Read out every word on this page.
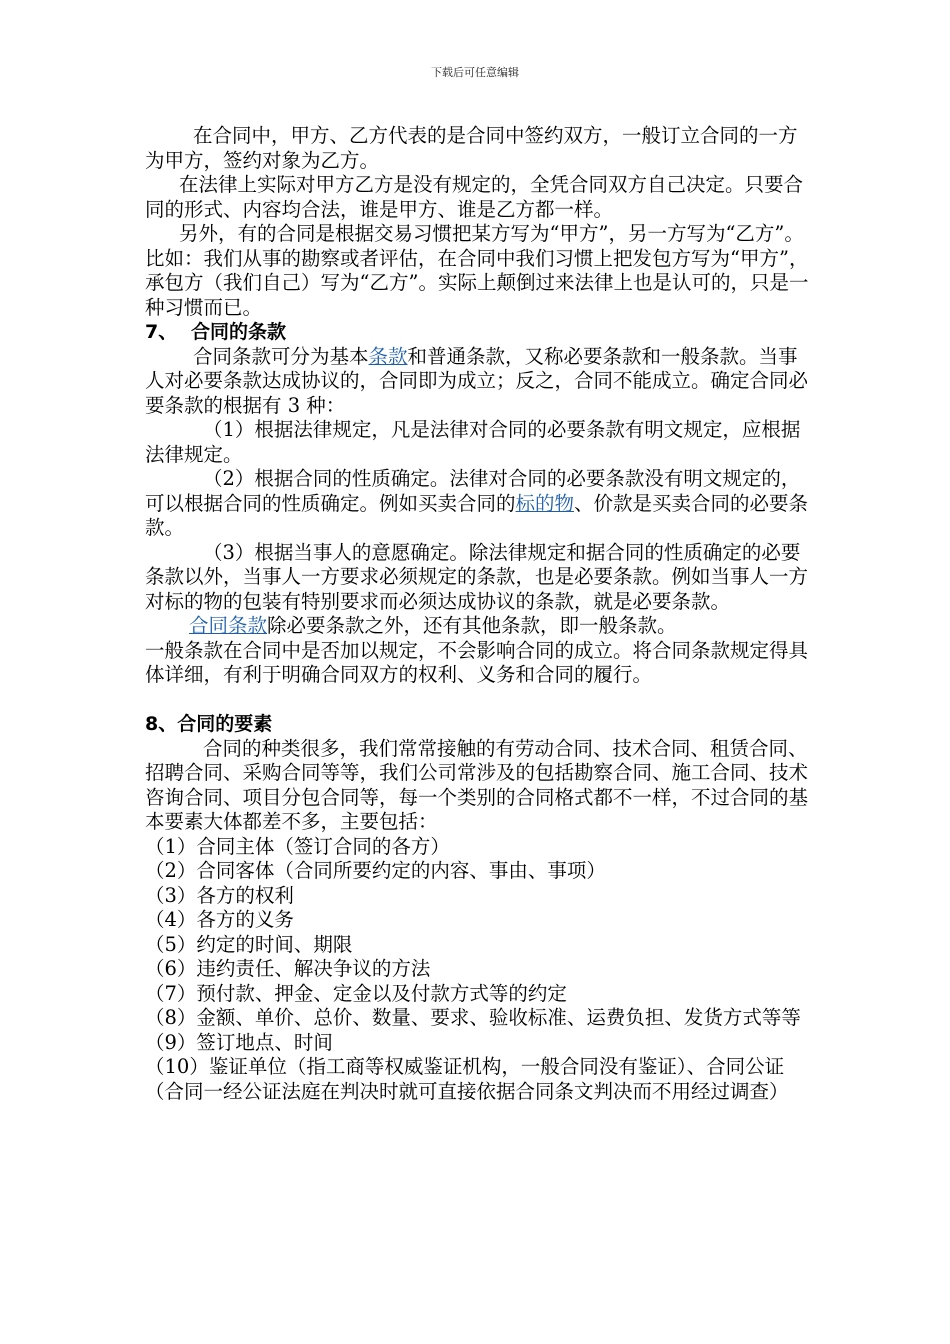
下载后可任意编辑

在合同中，甲方、乙方代表的是合同中签约双方，一般订立合同的一方为甲方，签约对象为乙方。

在法律上实际对甲方乙方是没有规定的，全凭合同双方自己决定。只要合同的形式、内容均合法，谁是甲方、谁是乙方都一样。

另外，有的合同是根据交易习惯把某方写为“甲方”，另一方写为“乙方”。比如：我们从事的勘察或者评估，在合同中我们习惯上把发包方写为“甲方”，承包方（我们自己）写为“乙方”。实际上颠倒过来法律上也是认可的，只是一种习惯而已。

7、 合同的条款

合同条款可分为基本条款和普通条款，又称必要条款和一般条款。当事人对必要条款达成协议的，合同即为成立；反之，合同不能成立。确定合同必要条款的根据有 3 种：

（1）根据法律规定，凡是法律对合同的必要条款有明文规定，应根据法律规定。

（2）根据合同的性质确定。法律对合同的必要条款没有明文规定的，可以根据合同的性质确定。例如买卖合同的标的物、价款是买卖合同的必要条款。

（3）根据当事人的意愿确定。除法律规定和据合同的性质确定的必要条款以外，当事人一方要求必须规定的条款，也是必要条款。例如当事人一方对标的物的包装有特别要求而必须达成协议的条款，就是必要条款。

合同条款除必要条款之外，还有其他条款，即一般条款。

一般条款在合同中是否加以规定，不会影响合同的成立。将合同条款规定得具体详细，有利于明确合同双方的权利、义务和合同的履行。

8、合同的要素

合同的种类很多，我们常常接触的有劳动合同、技术合同、租赁合同、招聘合同、采购合同等等，我们公司常涉及的包括勘察合同、施工合同、技术咨询合同、项目分包合同等，每一个类别的合同格式都不一样，不过合同的基本要素大体都差不多，主要包括：

（1）合同主体（签订合同的各方）

（2）合同客体（合同所要约定的内容、事由、事项）

（3）各方的权利

（4）各方的义务

（5）约定的时间、期限

（6）违约责任、解决争议的方法

（7）预付款、押金、定金以及付款方式等的约定

（8）金额、单价、总价、数量、要求、验收标准、运费负担、发货方式等等

（9）签订地点、时间

（10）鉴证单位（指工商等权威鉴证机构，一般合同没有鉴证）、合同公证（合同一经公证法庭在判决时就可直接依据合同条文判决而不用经过调查）
